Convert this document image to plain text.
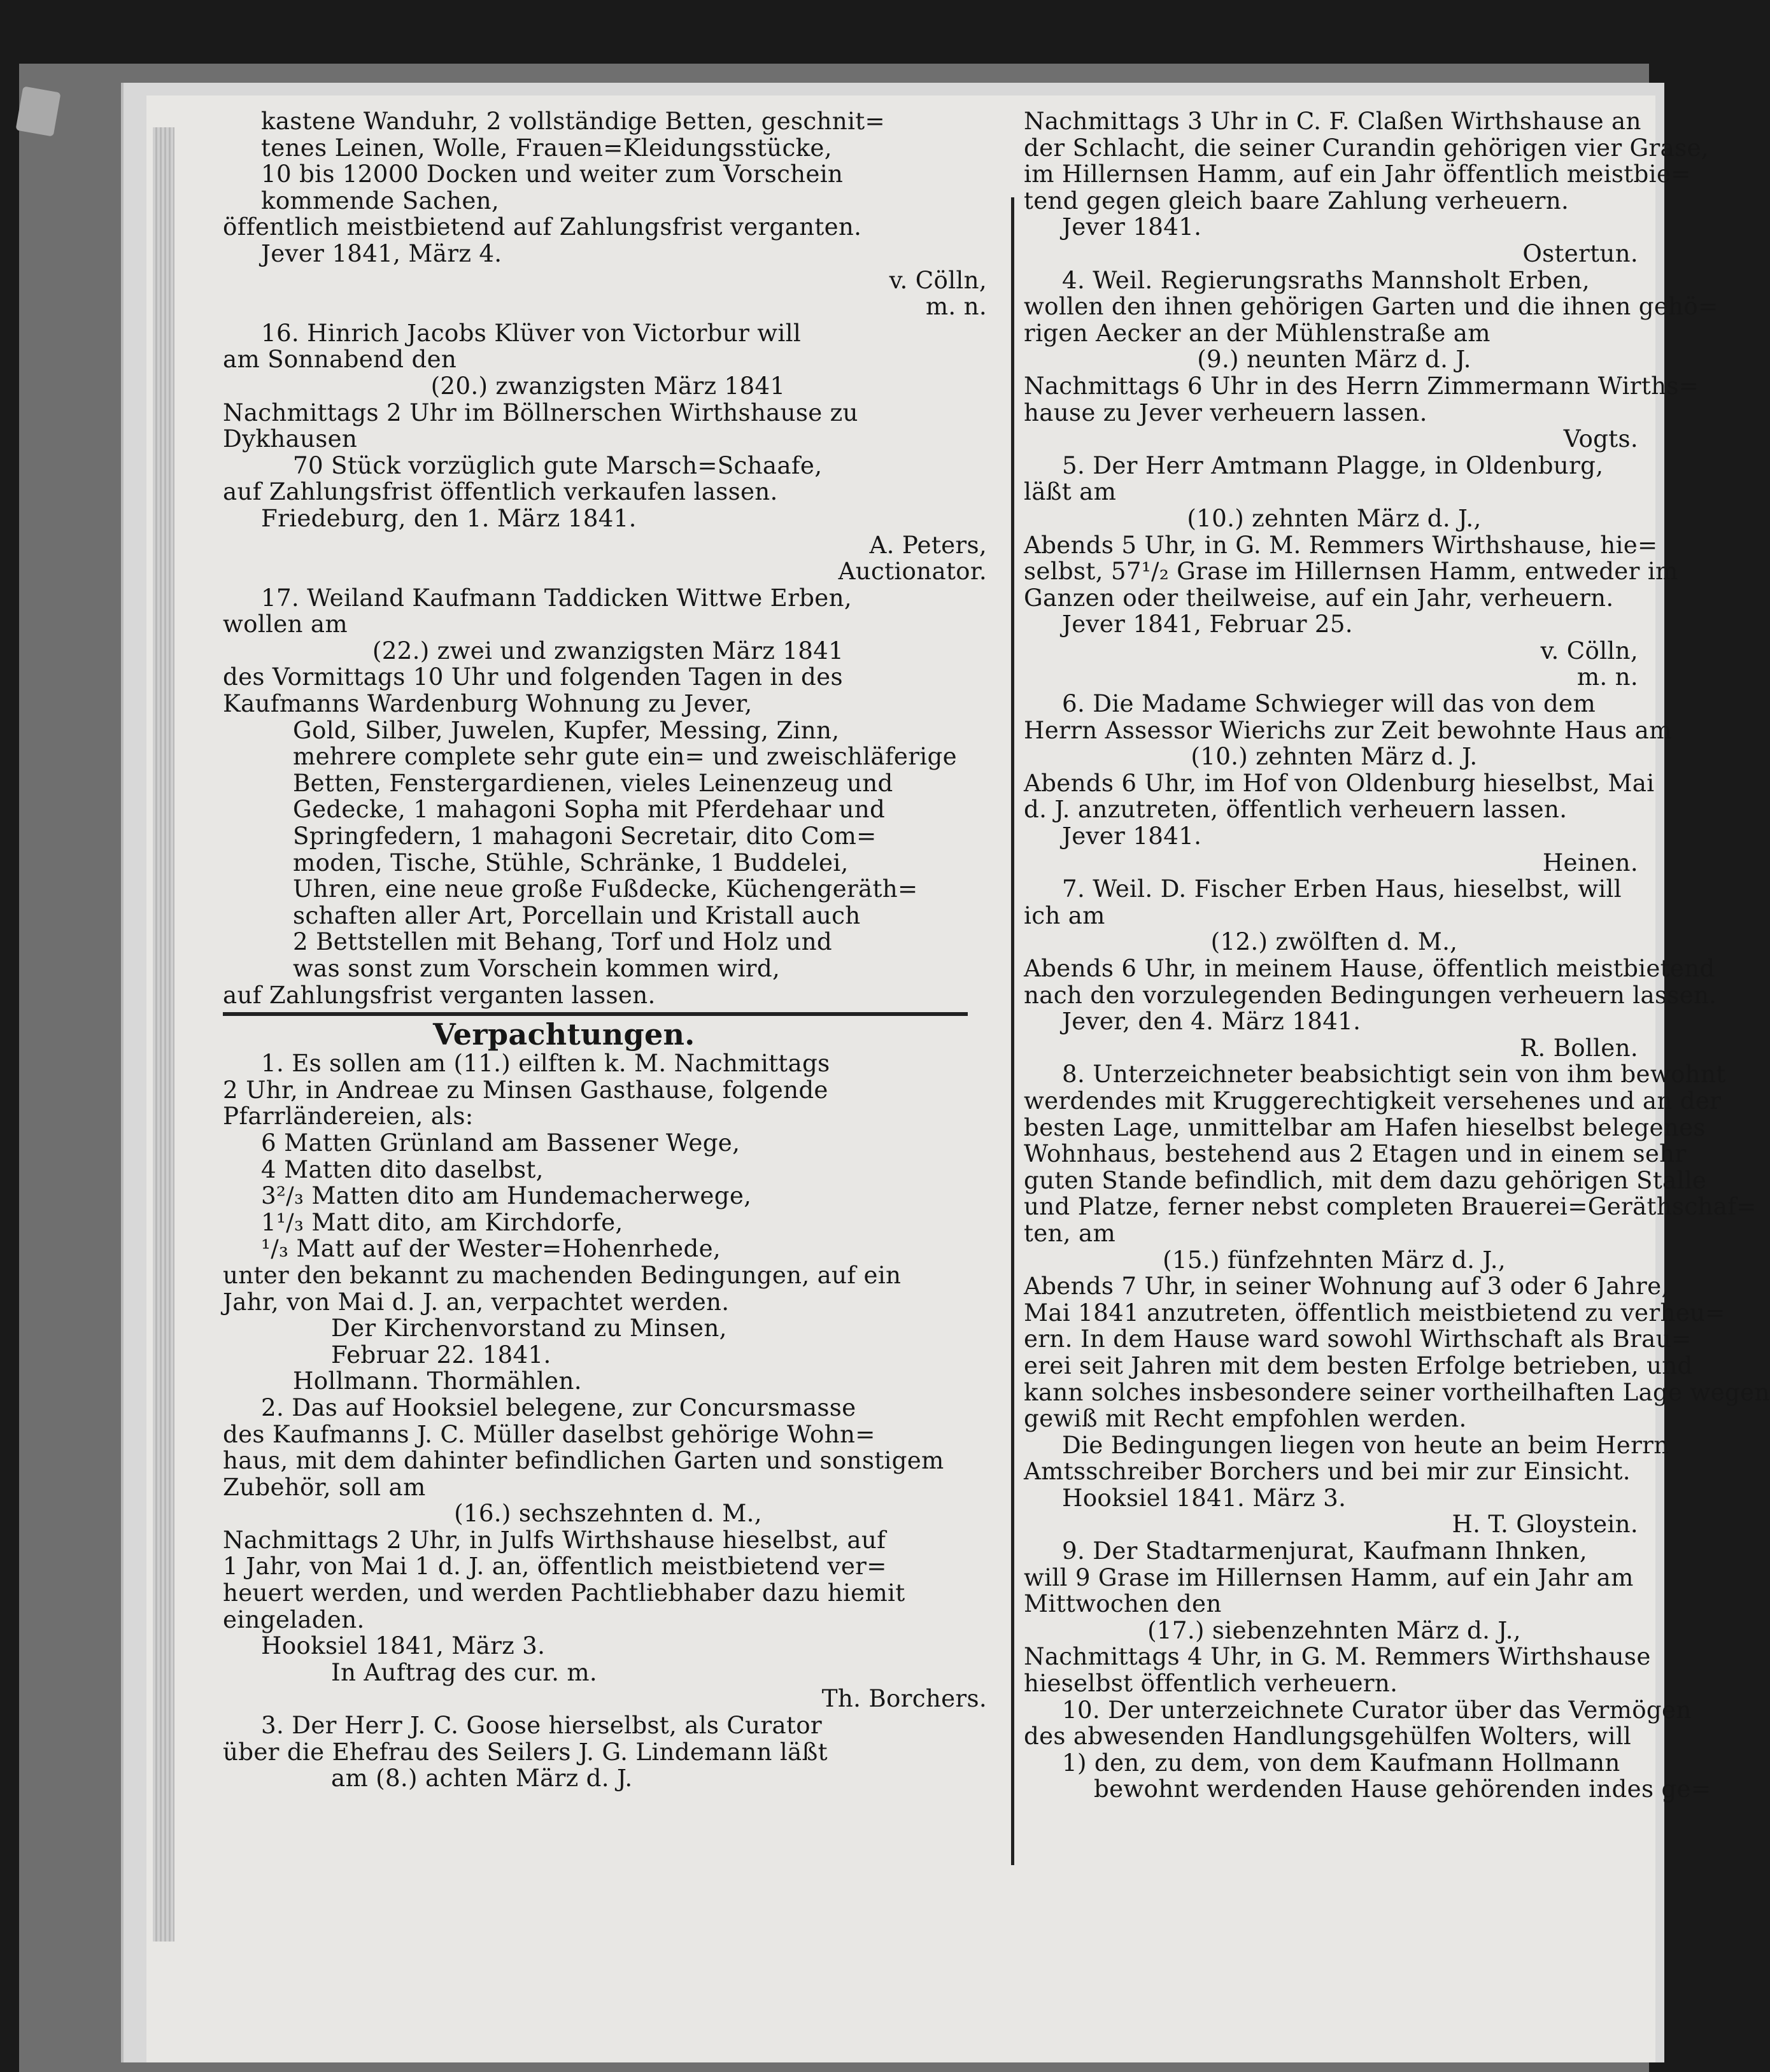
kastene Wanduhr, 2 vollständige Betten, geschnit=

tenes Leinen, Wolle, Frauen=Kleidungsstücke,

10 bis 12000 Docken und weiter zum Vorschein

kommende Sachen,

öffentlich meistbietend auf Zahlungsfrist verganten.

Jever 1841, März 4.

v. Cölln,

m. n.

16. Hinrich Jacobs Klüver von Victorbur will

am Sonnabend den

(20.) zwanzigsten März 1841

Nachmittags 2 Uhr im Böllnerschen Wirthshause zu

Dykhausen

70 Stück vorzüglich gute Marsch=Schaafe,

auf Zahlungsfrist öffentlich verkaufen lassen.

Friedeburg, den 1. März 1841.

A. Peters,

Auctionator.

17. Weiland Kaufmann Taddicken Wittwe Erben,

wollen am

(22.) zwei und zwanzigsten März 1841

des Vormittags 10 Uhr und folgenden Tagen in des

Kaufmanns Wardenburg Wohnung zu Jever,

Gold, Silber, Juwelen, Kupfer, Messing, Zinn,

mehrere complete sehr gute ein= und zweischläferige

Betten, Fenstergardienen, vieles Leinenzeug und

Gedecke, 1 mahagoni Sopha mit Pferdehaar und

Springfedern, 1 mahagoni Secretair, dito Com=

moden, Tische, Stühle, Schränke, 1 Buddelei,

Uhren, eine neue große Fußdecke, Küchengeräth=

schaften aller Art, Porcellain und Kristall auch

2 Bettstellen mit Behang, Torf und Holz und

was sonst zum Vorschein kommen wird,

auf Zahlungsfrist verganten lassen.

Verpachtungen.

1. Es sollen am (11.) eilften k. M. Nachmittags

2 Uhr, in Andreae zu Minsen Gasthause, folgende

Pfarrländereien, als:

6 Matten Grünland am Bassener Wege,

4 Matten dito daselbst,

3²/₃ Matten dito am Hundemacherwege,

1¹/₃ Matt dito, am Kirchdorfe,

¹/₃ Matt auf der Wester=Hohenrhede,

unter den bekannt zu machenden Bedingungen, auf ein

Jahr, von Mai d. J. an, verpachtet werden.

Der Kirchenvorstand zu Minsen,

Februar 22. 1841.

Hollmann. Thormählen.

2. Das auf Hooksiel belegene, zur Concursmasse

des Kaufmanns J. C. Müller daselbst gehörige Wohn=

haus, mit dem dahinter befindlichen Garten und sonstigem

Zubehör, soll am

(16.) sechszehnten d. M.,

Nachmittags 2 Uhr, in Julfs Wirthshause hieselbst, auf

1 Jahr, von Mai 1 d. J. an, öffentlich meistbietend ver=

heuert werden, und werden Pachtliebhaber dazu hiemit

eingeladen.

Hooksiel 1841, März 3.

In Auftrag des cur. m.

Th. Borchers.

3. Der Herr J. C. Goose hierselbst, als Curator

über die Ehefrau des Seilers J. G. Lindemann läßt

am (8.) achten März d. J.

Nachmittags 3 Uhr in C. F. Claßen Wirthshause an

der Schlacht, die seiner Curandin gehörigen vier Grase,

im Hillernsen Hamm, auf ein Jahr öffentlich meistbie=

tend gegen gleich baare Zahlung verheuern.

Jever 1841.

Ostertun.

4. Weil. Regierungsraths Mannsholt Erben,

wollen den ihnen gehörigen Garten und die ihnen gehö=

rigen Aecker an der Mühlenstraße am

(9.) neunten März d. J.

Nachmittags 6 Uhr in des Herrn Zimmermann Wirths=

hause zu Jever verheuern lassen.

Vogts.

5. Der Herr Amtmann Plagge, in Oldenburg,

läßt am

(10.) zehnten März d. J.,

Abends 5 Uhr, in G. M. Remmers Wirthshause, hie=

selbst, 57¹/₂ Grase im Hillernsen Hamm, entweder im

Ganzen oder theilweise, auf ein Jahr, verheuern.

Jever 1841, Februar 25.

v. Cölln,

m. n.

6. Die Madame Schwieger will das von dem

Herrn Assessor Wierichs zur Zeit bewohnte Haus am

(10.) zehnten März d. J.

Abends 6 Uhr, im Hof von Oldenburg hieselbst, Mai

d. J. anzutreten, öffentlich verheuern lassen.

Jever 1841.

Heinen.

7. Weil. D. Fischer Erben Haus, hieselbst, will

ich am

(12.) zwölften d. M.,

Abends 6 Uhr, in meinem Hause, öffentlich meistbietend

nach den vorzulegenden Bedingungen verheuern lassen.

Jever, den 4. März 1841.

R. Bollen.

8. Unterzeichneter beabsichtigt sein von ihm bewohnt

werdendes mit Kruggerechtigkeit versehenes und an der

besten Lage, unmittelbar am Hafen hieselbst belegenes

Wohnhaus, bestehend aus 2 Etagen und in einem sehr

guten Stande befindlich, mit dem dazu gehörigen Stalle

und Platze, ferner nebst completen Brauerei=Geräthschaf=

ten, am

(15.) fünfzehnten März d. J.,

Abends 7 Uhr, in seiner Wohnung auf 3 oder 6 Jahre,

Mai 1841 anzutreten, öffentlich meistbietend zu verheu=

ern. In dem Hause ward sowohl Wirthschaft als Brau=

erei seit Jahren mit dem besten Erfolge betrieben, und

kann solches insbesondere seiner vortheilhaften Lage wegen

gewiß mit Recht empfohlen werden.

Die Bedingungen liegen von heute an beim Herrn

Amtsschreiber Borchers und bei mir zur Einsicht.

Hooksiel 1841. März 3.

H. T. Gloystein.

9. Der Stadtarmenjurat, Kaufmann Ihnken,

will 9 Grase im Hillernsen Hamm, auf ein Jahr am

Mittwochen den

(17.) siebenzehnten März d. J.,

Nachmittags 4 Uhr, in G. M. Remmers Wirthshause

hieselbst öffentlich verheuern.

10. Der unterzeichnete Curator über das Vermögen

des abwesenden Handlungsgehülfen Wolters, will

1) den, zu dem, von dem Kaufmann Hollmann

bewohnt werdenden Hause gehörenden indes ge=
